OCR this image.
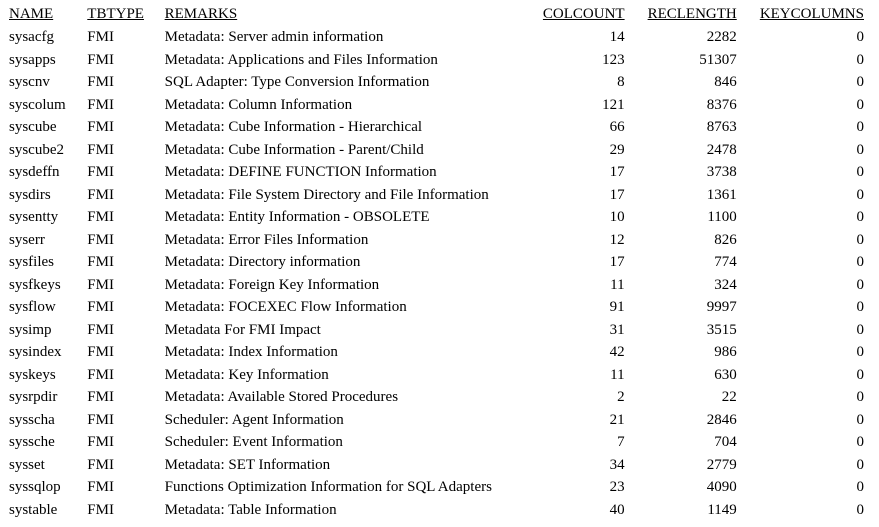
NAME	TBTYPE	REMARKS	COLCOUNT	RECLENGTH	KEYCOLUMNS
sysacfg	FMI	Metadata: Server admin information	14	2282	0
sysapps	FMI	Metadata: Applications and Files Information	123	51307	0
syscnv	FMI	SQL Adapter: Type Conversion Information	8	846	0
syscolum	FMI	Metadata: Column Information	121	8376	0
syscube	FMI	Metadata: Cube Information - Hierarchical	66	8763	0
syscube2	FMI	Metadata: Cube Information - Parent/Child	29	2478	0
sysdeffn	FMI	Metadata: DEFINE FUNCTION Information	17	3738	0
sysdirs	FMI	Metadata: File System Directory and File Information	17	1361	0
sysentty	FMI	Metadata: Entity Information - OBSOLETE	10	1100	0
syserr	FMI	Metadata: Error Files Information	12	826	0
sysfiles	FMI	Metadata: Directory information	17	774	0
sysfkeys	FMI	Metadata: Foreign Key Information	11	324	0
sysflow	FMI	Metadata: FOCEXEC Flow Information	91	9997	0
sysimp	FMI	Metadata For FMI Impact	31	3515	0
sysindex	FMI	Metadata: Index Information	42	986	0
syskeys	FMI	Metadata: Key Information	11	630	0
sysrpdir	FMI	Metadata: Available Stored Procedures	2	22	0
sysscha	FMI	Scheduler: Agent Information	21	2846	0
syssche	FMI	Scheduler: Event Information	7	704	0
sysset	FMI	Metadata: SET Information	34	2779	0
syssqlop	FMI	Functions Optimization Information for SQL Adapters	23	4090	0
systable	FMI	Metadata: Table Information	40	1149	0
